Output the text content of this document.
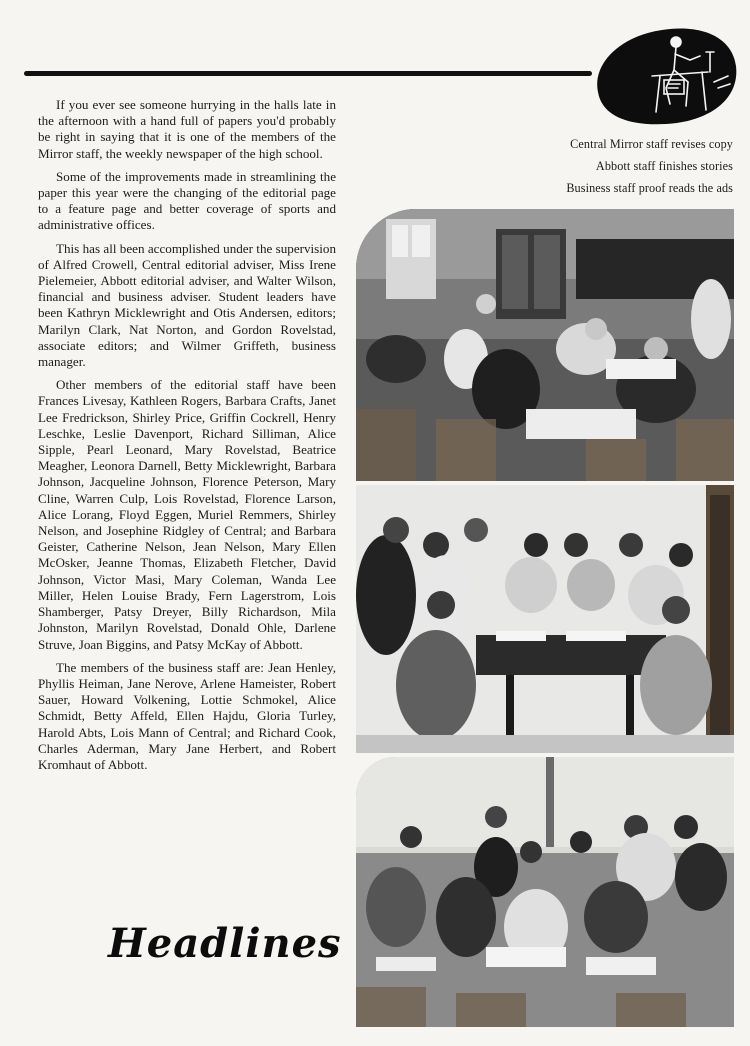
Central Mirror staff revises copy
Abbott staff finishes stories
Business staff proof reads the ads

If you ever see someone hurrying in the halls late in the afternoon with a hand full of papers you'd probably be right in saying that it is one of the members of the Mirror staff, the weekly newspaper of the high school.

Some of the improvements made in streamlining the paper this year were the changing of the editorial page to a feature page and better coverage of sports and administrative offices.

This has all been accomplished under the supervision of Alfred Crowell, Central editorial adviser, Miss Irene Pielemeier, Abbott editorial adviser, and Walter Wilson, financial and business adviser. Student leaders have been Kathryn Micklewright and Otis Andersen, editors; Marilyn Clark, Nat Norton, and Gordon Rovelstad, associate editors; and Wilmer Griffeth, business manager.

Other members of the editorial staff have been Frances Livesay, Kathleen Rogers, Barbara Crafts, Janet Lee Fredrickson, Shirley Price, Griffin Cockrell, Henry Leschke, Leslie Davenport, Richard Silliman, Alice Sipple, Pearl Leonard, Mary Rovelstad, Beatrice Meagher, Leonora Darnell, Betty Micklewright, Barbara Johnson, Jacqueline Johnson, Florence Peterson, Mary Cline, Warren Culp, Lois Rovelstad, Florence Larson, Alice Lorang, Floyd Eggen, Muriel Remmers, Shirley Nelson, and Josephine Ridgley of Central; and Barbara Geister, Catherine Nelson, Jean Nelson, Mary Ellen McOsker, Jeanne Thomas, Elizabeth Fletcher, David Johnson, Victor Masi, Mary Coleman, Wanda Lee Miller, Helen Louise Brady, Fern Lagerstrom, Lois Shamberger, Patsy Dreyer, Billy Richardson, Mila Johnston, Marilyn Rovelstad, Donald Ohle, Darlene Struve, Joan Biggins, and Patsy McKay of Abbott.

The members of the business staff are: Jean Henley, Phyllis Heiman, Jane Nerove, Arlene Hameister, Robert Sauer, Howard Volkening, Lottie Schmokel, Alice Schmidt, Betty Affeld, Ellen Hajdu, Gloria Turley, Harold Abts, Lois Mann of Central; and Richard Cook, Charles Aderman, Mary Jane Herbert, and Robert Kromhaut of Abbott.

Headlines
